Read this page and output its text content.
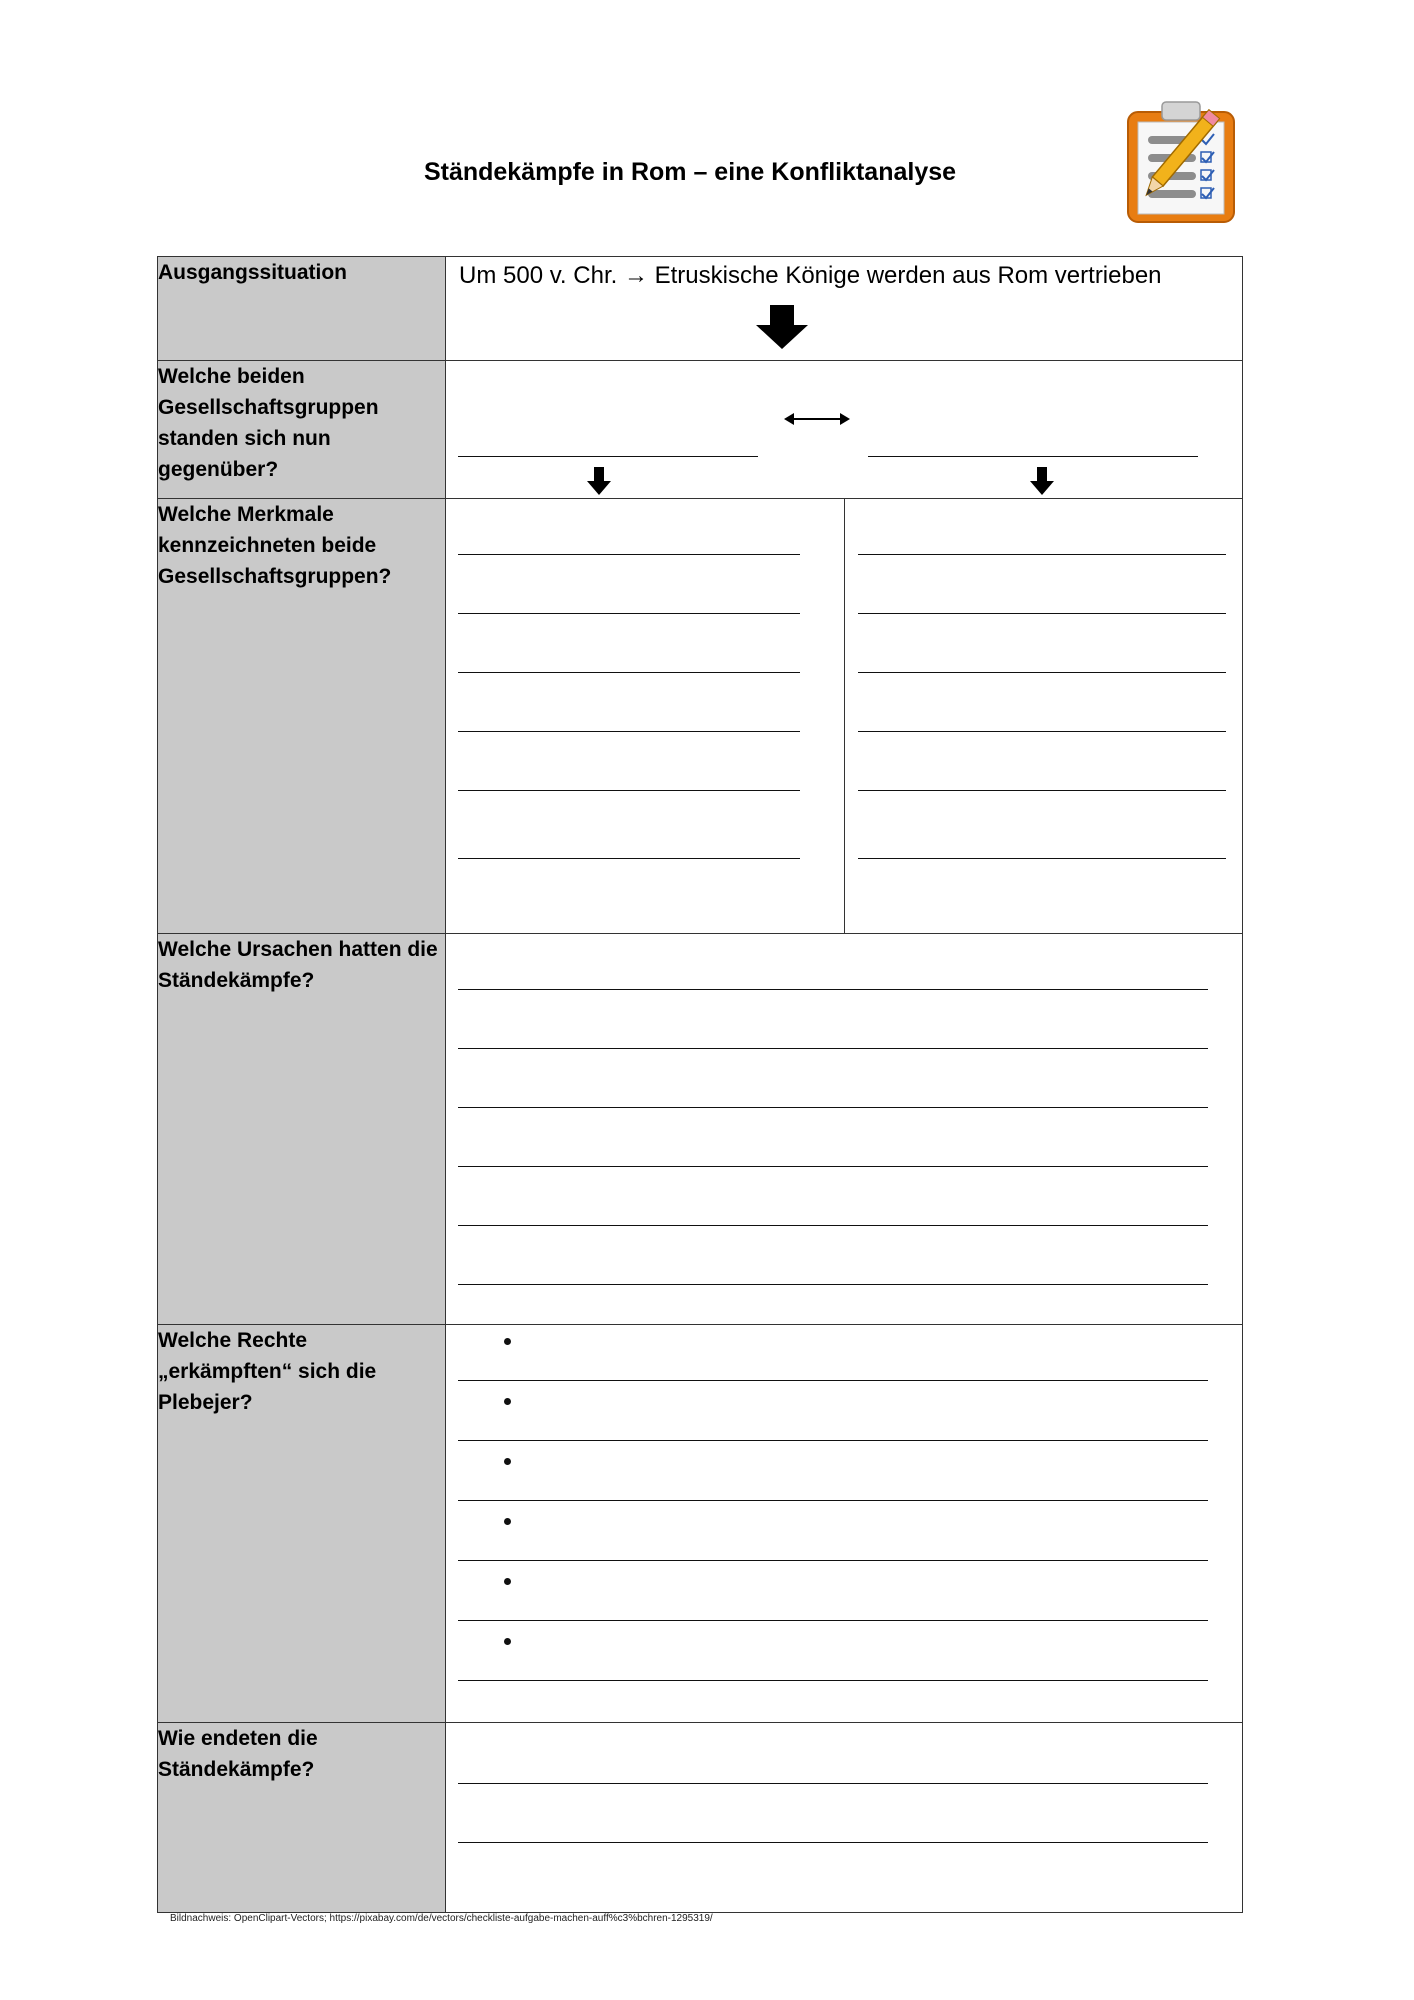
Ständekämpfe in Rom – eine Konfliktanalyse
Ausgangssituation	Um 500 v. Chr. → Etruskische Könige werden aus Rom vertrieben	

Welche beiden Gesellschaftsgruppen standen sich nun gegenüber?	

Welche Merkmale kennzeichneten beide Gesellschaftsgruppen?	

Welche Ursachen hatten die Ständekämpfe?		

Welche Rechte „erkämpften“ sich die Plebejer?		

Wie endeten die Ständekämpfe?		
Bildnachweis: OpenClipart-Vectors; https://pixabay.com/de/vectors/checkliste-aufgabe-machen-auff%c3%bchren-1295319/
